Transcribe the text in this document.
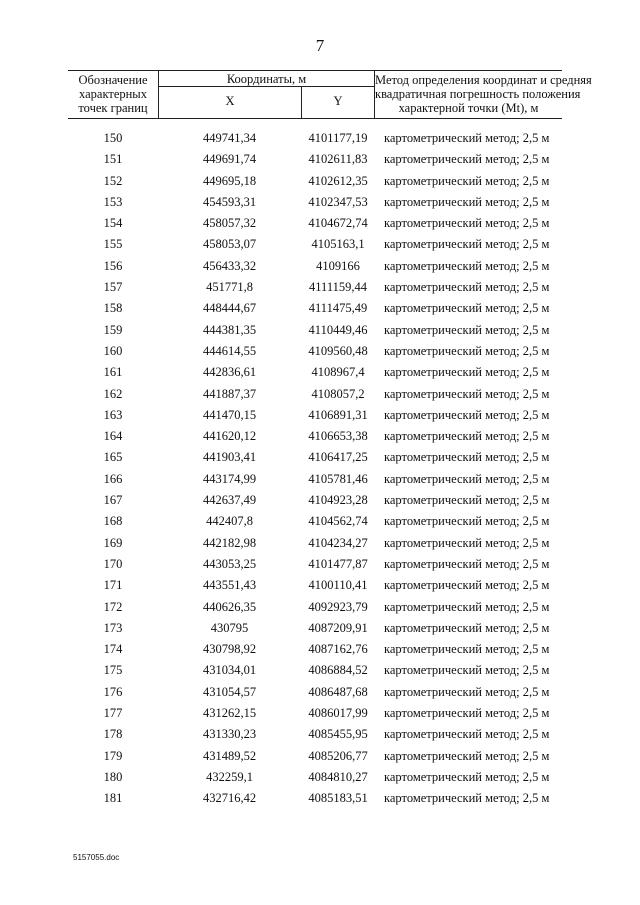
7
Обозначение
характерных
точек границ
Координаты, м
X	Y
Метод определения координат и средняя
квадратичная погрешность положения
характерной точки (Mt), м
150	449741,34	4101177,19	картометрический метод; 2,5 м
151	449691,74	4102611,83	картометрический метод; 2,5 м
152	449695,18	4102612,35	картометрический метод; 2,5 м
153	454593,31	4102347,53	картометрический метод; 2,5 м
154	458057,32	4104672,74	картометрический метод; 2,5 м
155	458053,07	4105163,1	картометрический метод; 2,5 м
156	456433,32	4109166	картометрический метод; 2,5 м
157	451771,8	4111159,44	картометрический метод; 2,5 м
158	448444,67	4111475,49	картометрический метод; 2,5 м
159	444381,35	4110449,46	картометрический метод; 2,5 м
160	444614,55	4109560,48	картометрический метод; 2,5 м
161	442836,61	4108967,4	картометрический метод; 2,5 м
162	441887,37	4108057,2	картометрический метод; 2,5 м
163	441470,15	4106891,31	картометрический метод; 2,5 м
164	441620,12	4106653,38	картометрический метод; 2,5 м
165	441903,41	4106417,25	картометрический метод; 2,5 м
166	443174,99	4105781,46	картометрический метод; 2,5 м
167	442637,49	4104923,28	картометрический метод; 2,5 м
168	442407,8	4104562,74	картометрический метод; 2,5 м
169	442182,98	4104234,27	картометрический метод; 2,5 м
170	443053,25	4101477,87	картометрический метод; 2,5 м
171	443551,43	4100110,41	картометрический метод; 2,5 м
172	440626,35	4092923,79	картометрический метод; 2,5 м
173	430795	4087209,91	картометрический метод; 2,5 м
174	430798,92	4087162,76	картометрический метод; 2,5 м
175	431034,01	4086884,52	картометрический метод; 2,5 м
176	431054,57	4086487,68	картометрический метод; 2,5 м
177	431262,15	4086017,99	картометрический метод; 2,5 м
178	431330,23	4085455,95	картометрический метод; 2,5 м
179	431489,52	4085206,77	картометрический метод; 2,5 м
180	432259,1	4084810,27	картометрический метод; 2,5 м
181	432716,42	4085183,51	картометрический метод; 2,5 м
5157055.doc
